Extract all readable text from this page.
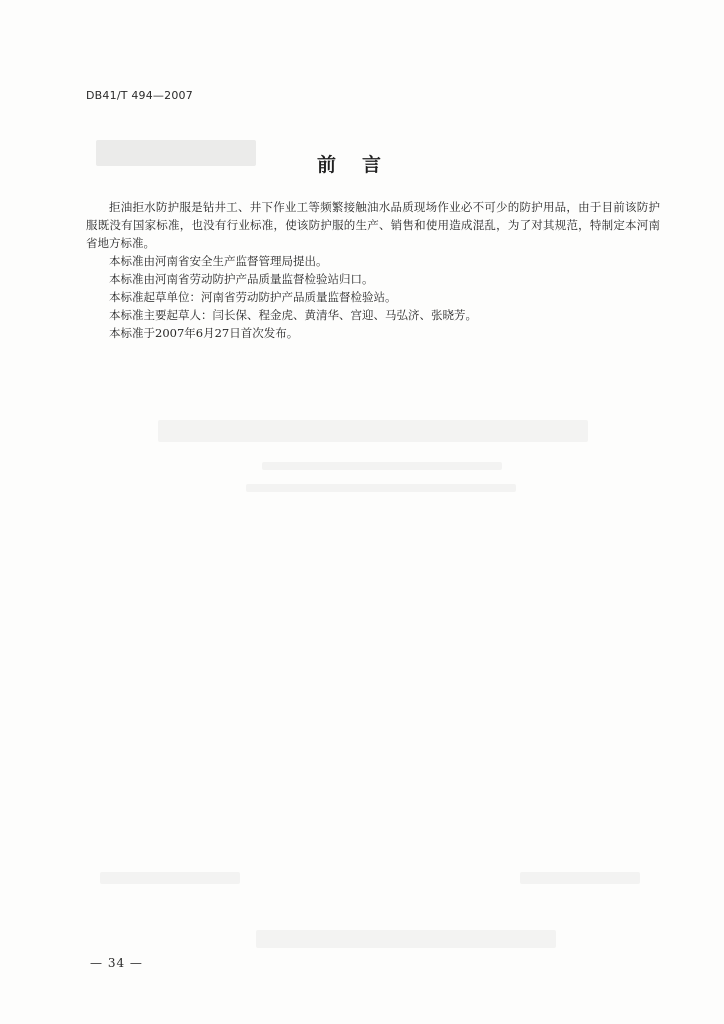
DB41/T 494—2007
前言

拒油拒水防护服是钻井工、井下作业工等频繁接触油水品质现场作业必不可少的防护用品，由于目前该防护服既没有国家标准，也没有行业标准，使该防护服的生产、销售和使用造成混乱，为了对其规范，特制定本河南省地方标准。

本标准由河南省安全生产监督管理局提出。

本标准由河南省劳动防护产品质量监督检验站归口。

本标准起草单位：河南省劳动防护产品质量监督检验站。

本标准主要起草人：闫长保、程金虎、黄清华、宫迎、马弘济、张晓芳。

本标准于2007年6月27日首次发布。

— 34 —
